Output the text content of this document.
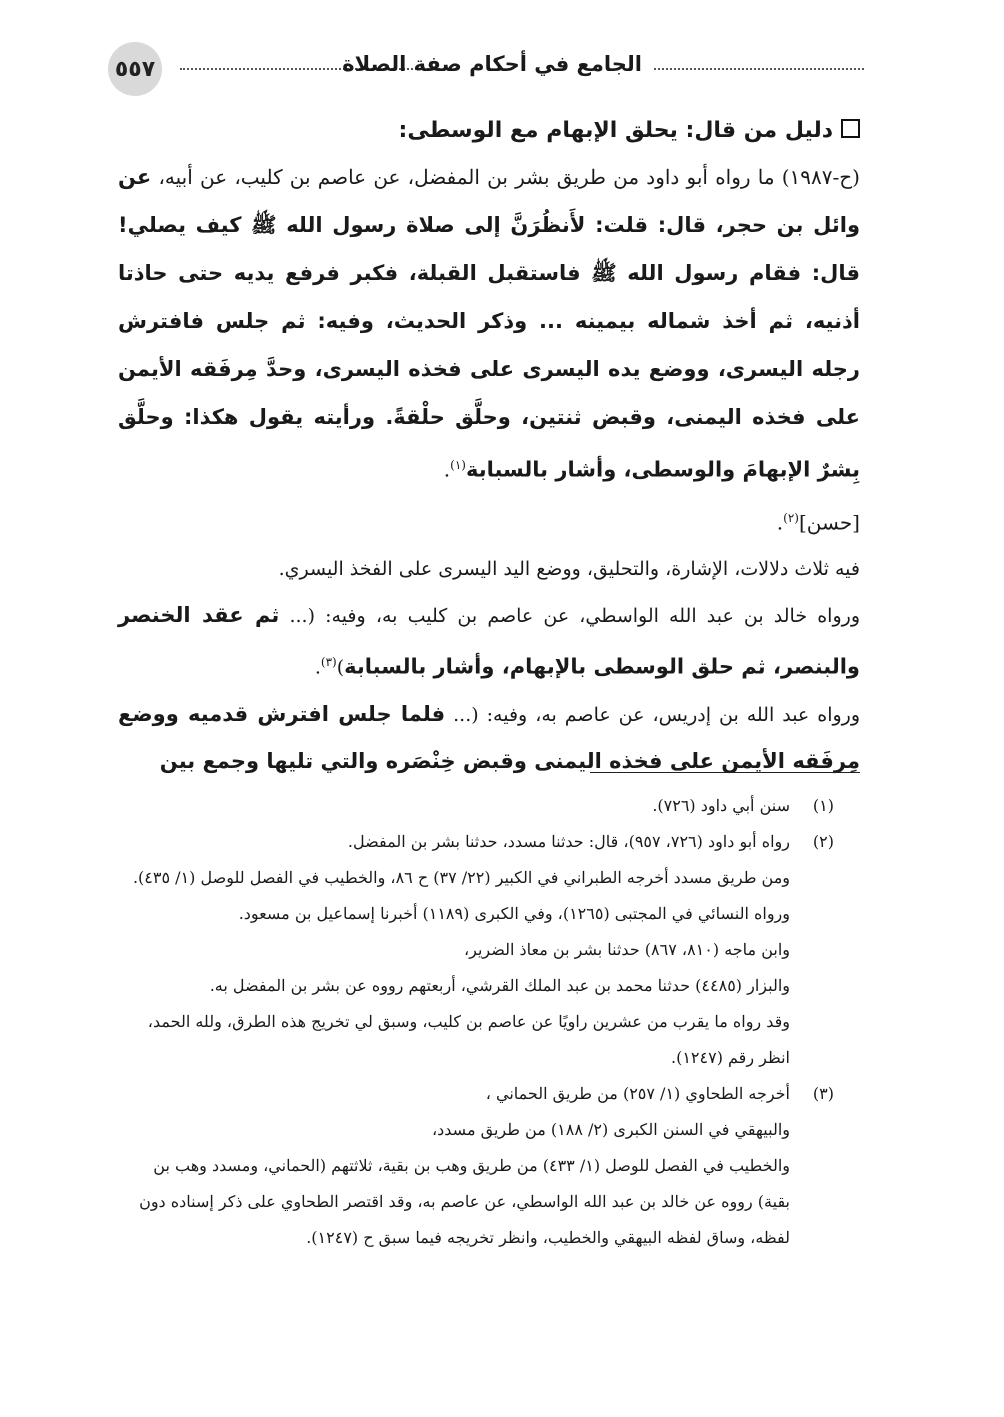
٥٥٧	الجامع في أحكام صفة الصلاة
دليل من قال: يحلق الإبهام مع الوسطى:
(ح-١٩٨٧) ما رواه أبو داود من طريق بشر بن المفضل، عن عاصم بن كليب، عن أبيه، عن وائل بن حجر، قال: قلت: لأَنظُرَنَّ إلى صلاة رسول الله ﷺ كيف يصلي! قال: فقام رسول الله ﷺ فاستقبل القبلة، فكبر فرفع يديه حتى حاذتا أذنيه، ثم أخذ شماله بيمينه ... وذكر الحديث، وفيه: ثم جلس فافترش رجله اليسرى، ووضع يده اليسرى على فخذه اليسرى، وحدَّ مِرفَقه الأيمن على فخذه اليمنى، وقبض ثنتين، وحلَّق حلْقةً. ورأيته يقول هكذا: وحلَّق بِشرٌ الإبهامَ والوسطى، وأشار بالسبابة$^{(١)}$.
[حسن]$^{(٢)}$.
فيه ثلاث دلالات، الإشارة، والتحليق، ووضع اليد اليسرى على الفخذ اليسري.
ورواه خالد بن عبد الله الواسطي، عن عاصم بن كليب به، وفيه: (... ثم عقد الخنصر والبنصر، ثم حلق الوسطى بالإبهام، وأشار بالسبابة)$^{(٣)}$.
ورواه عبد الله بن إدريس، عن عاصم به، وفيه: (... فلما جلس افترش قدميه ووضع مِرفَقه الأيمن على فخذه اليمنى وقبض خِنْصَره والتي تليها وجمع بين
(١)
سنن أبي داود (٧٢٦).
(٢)
رواه أبو داود (٧٢٦، ٩٥٧)، قال: حدثنا مسدد، حدثنا بشر بن المفضل.
ومن طريق مسدد أخرجه الطبراني في الكبير (٢٢/ ٣٧) ح ٨٦، والخطيب في الفصل للوصل (١/ ٤٣٥).
ورواه النسائي في المجتبى (١٢٦٥)، وفي الكبرى (١١٨٩) أخبرنا إسماعيل بن مسعود.
وابن ماجه (٨١٠، ٨٦٧) حدثنا بشر بن معاذ الضرير،
والبزار (٤٤٨٥) حدثنا محمد بن عبد الملك القرشي، أربعتهم رووه عن بشر بن المفضل به.
وقد رواه ما يقرب من عشرين راويًا عن عاصم بن كليب، وسبق لي تخريج هذه الطرق، ولله الحمد، انظر رقم (١٢٤٧).
(٣)
أخرجه الطحاوي (١/ ٢٥٧) من طريق الحماني ،
والبيهقي في السنن الكبرى (٢/ ١٨٨) من طريق مسدد،
والخطيب في الفصل للوصل (١/ ٤٣٣) من طريق وهب بن بقية، ثلاثتهم (الحماني، ومسدد وهب بن بقية) رووه عن خالد بن عبد الله الواسطي، عن عاصم به، وقد اقتصر الطحاوي على ذكر إسناده دون لفظه، وساق لفظه البيهقي والخطيب، وانظر تخريجه فيما سبق ح (١٢٤٧).
